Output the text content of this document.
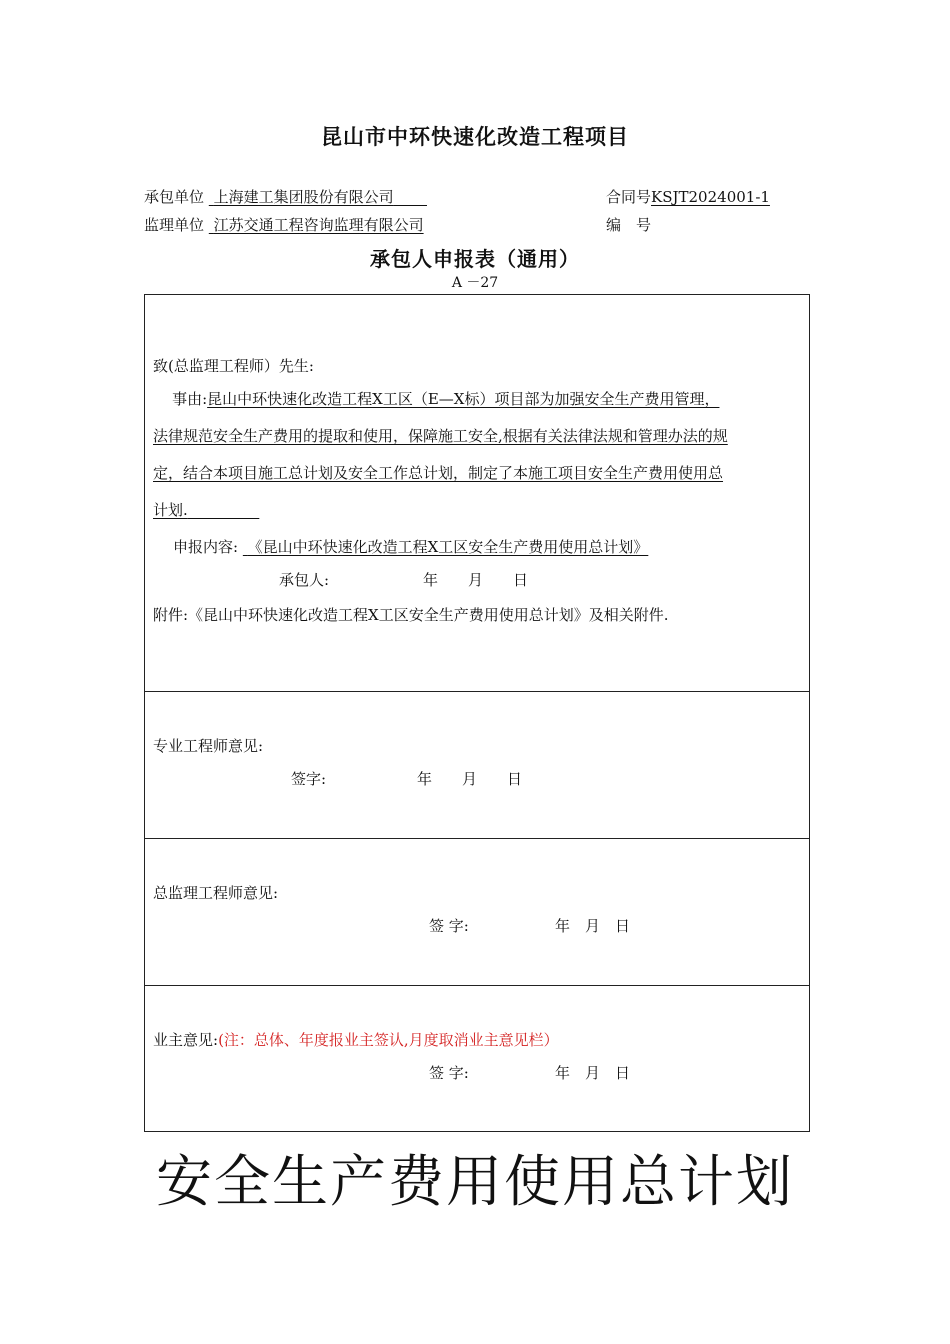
昆山市中环快速化改造工程项目
承包单位 上海建工集团股份有限公司	合同号KSJT2024001-1
监理单位 江苏交通工程咨询监理有限公司	编　号
承包人申报表（通用）
A －27
致(总监理工程师）先生:
事由:昆山中环快速化改造工程X工区（E—X标）项目部为加强安全生产费用管理，
法律规范安全生产费用的提取和使用，保障施工安全,根据有关法律法规和管理办法的规
定，结合本项目施工总计划及安全工作总计划，制定了本施工项目安全生产费用使用总
计划.
申报内容: 《昆山中环快速化改造工程X工区安全生产费用使用总计划》
承包人:	年　　月　　日
附件:《昆山中环快速化改造工程X工区安全生产费用使用总计划》及相关附件.
专业工程师意见:
签字:	年　　月　　日
总监理工程师意见:
签 字:	年　月　日
业主意见:(注：总体、年度报业主签认,月度取消业主意见栏）
签 字:	年　月　日
安全生产费用使用总计划
